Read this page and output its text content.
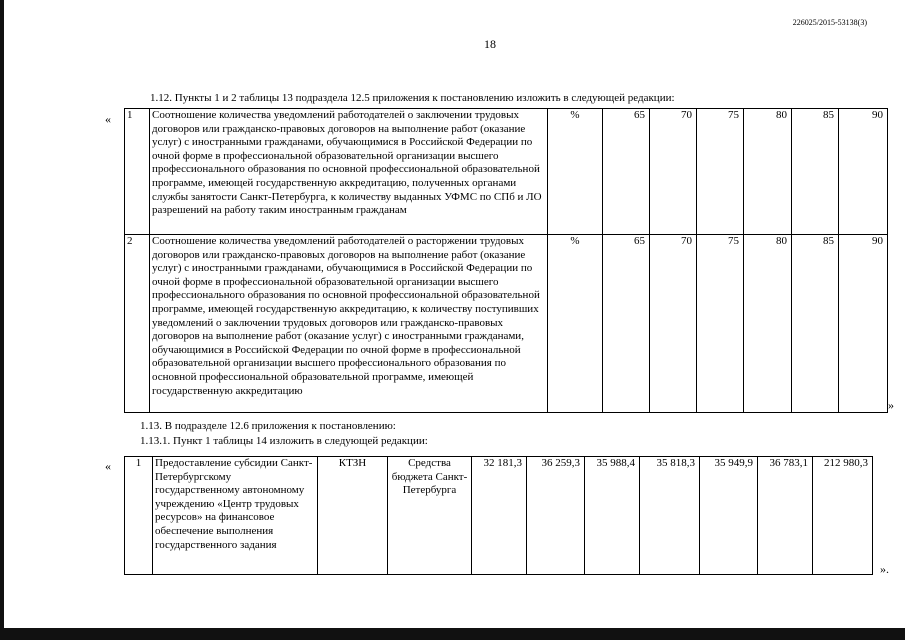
226025/2015-53138(3)
18
1.12. Пункты 1 и 2 таблицы 13 подраздела 12.5 приложения к постановлению изложить в следующей редакции:
« 1	Соотношение количества уведомлений работодателей о заключении трудовых договоров или гражданско-правовых договоров на выполнение работ (оказание услуг) с иностранными гражданами, обучающимися в Российской Федерации по очной форме в профессиональной образовательной организации высшего профессионального образования по основной профессиональной образовательной программе, имеющей государственную аккредитацию, полученных органами службы занятости Санкт-Петербурга, к количеству выданных УФМС по СПб и ЛО разрешений на работу таким иностранным гражданам	%	65	70	75	80	85	90
2	Соотношение количества уведомлений работодателей о расторжении трудовых договоров или гражданско-правовых договоров на выполнение работ (оказание услуг) с иностранными гражданами, обучающимися в Российской Федерации по очной форме в профессиональной образовательной организации высшего профессионального образования по основной профессиональной образовательной программе, имеющей государственную аккредитацию, к количеству поступивших уведомлений о заключении трудовых договоров или гражданско-правовых договоров на выполнение работ (оказание услуг) с иностранными гражданами, обучающимися в Российской Федерации по очной форме в профессиональной образовательной организации высшего профессионального образования по основной профессиональной образовательной программе, имеющей государственную аккредитацию	%	65	70	75	80	85	90
»
1.13. В подразделе 12.6 приложения к постановлению:
1.13.1. Пункт 1 таблицы 14 изложить в следующей редакции:
« 1	Предоставление субсидии Санкт-Петербургскому государственному автономному учреждению «Центр трудовых ресурсов» на финансовое обеспечение выполнения государственного задания	КТЗН	Средства бюджета Санкт-Петербурга	32 181,3	36 259,3	35 988,4	35 818,3	35 949,9	36 783,1	212 980,3
».
